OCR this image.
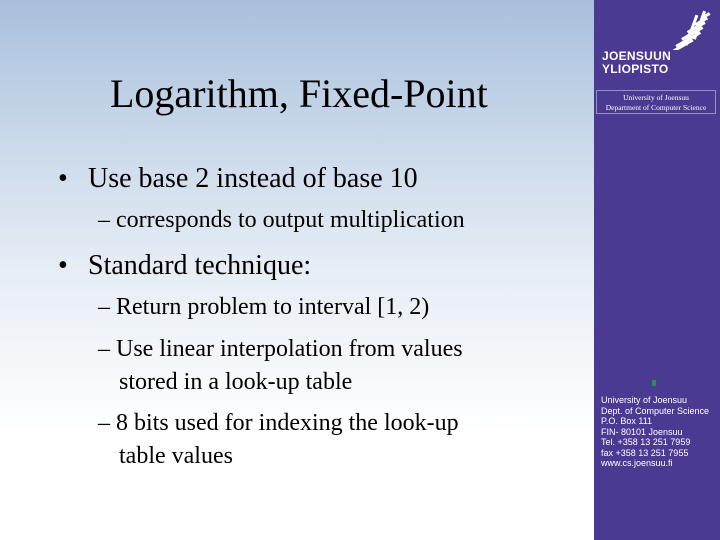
Logarithm, Fixed-Point
• Use base 2 instead of base 10
– corresponds to output multiplication
• Standard technique:
– Return problem to interval [1, 2)
– Use linear interpolation from values
stored in a look-up table
– 8 bits used for indexing the look-up
table values
JOENSUUN
YLIOPISTO
University of Joensuu
Department of Computer Science
University of Joensuu
Dept. of Computer Science
P.O. Box 111
FIN- 80101 Joensuu
Tel. +358 13 251 7959
fax +358 13 251 7955
www.cs.joensuu.fi
